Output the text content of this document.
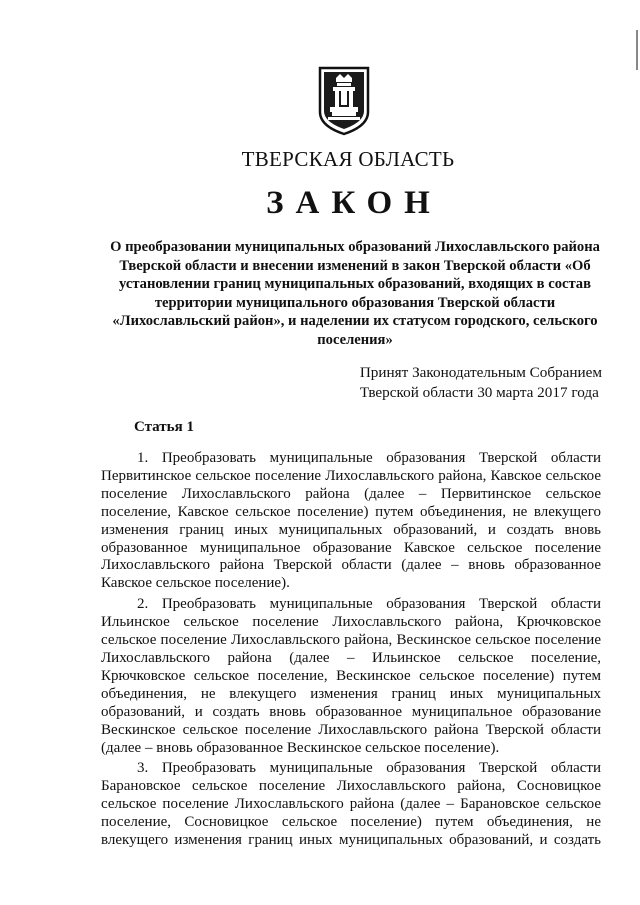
ТВЕРСКАЯ ОБЛАСТЬ
ЗАКОН
О преобразовании муниципальных образований Лихославльского района Тверской области и внесении изменений в закон Тверской области «Об установлении границ муниципальных образований, входящих в состав территории муниципального образования Тверской области «Лихославльский район», и наделении их статусом городского, сельского поселения»
Принят Законодательным Собранием
Тверской области 30 марта 2017 года
Статья 1

1. Преобразовать муниципальные образования Тверской области Первитинское сельское поселение Лихославльского района, Кавское сельское поселение Лихославльского района (далее – Первитинское сельское поселение, Кавское сельское поселение) путем объединения, не влекущего изменения границ иных муниципальных образований, и создать вновь образованное муниципальное образование Кавское сельское поселение Лихославльского района Тверской области (далее – вновь образованное Кавское сельское поселение).

2. Преобразовать муниципальные образования Тверской области Ильинское сельское поселение Лихославльского района, Крючковское сельское поселение Лихославльского района, Вескинское сельское поселение Лихославльского района (далее – Ильинское сельское поселение, Крючковское сельское поселение, Вескинское сельское поселение) путем объединения, не влекущего изменения границ иных муниципальных образований, и создать вновь образованное муниципальное образование Вескинское сельское поселение Лихославльского района Тверской области (далее – вновь образованное Вескинское сельское поселение).

3. Преобразовать муниципальные образования Тверской области Барановское сельское поселение Лихославльского района, Сосновицкое сельское поселение Лихославльского района (далее – Барановское сельское поселение, Сосновицкое сельское поселение) путем объединения, не влекущего изменения границ иных муниципальных образований, и создать
